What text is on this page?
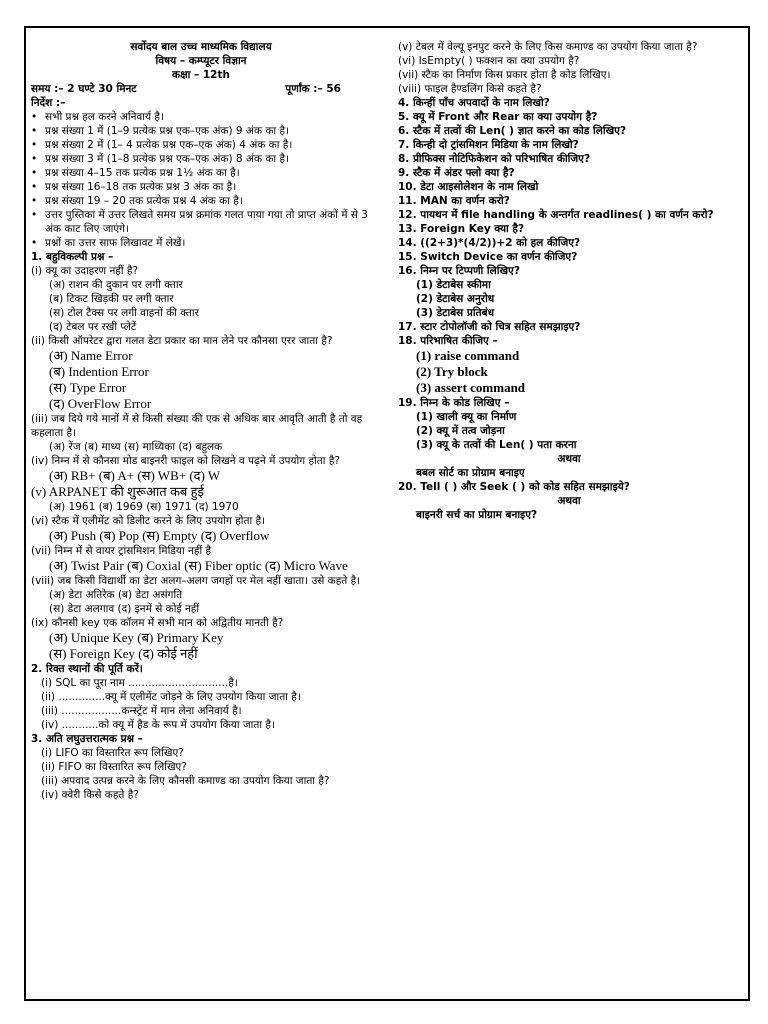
सर्वोदय बाल उच्च माध्यमिक विद्यालय
विषय – कम्प्यूटर विज्ञान
कक्षा – 12th
समय :– 2 घण्टे 30 मिनट	पूर्णांक :– 56
निर्देश :–
• सभी प्रश्न हल करने अनिवार्य है।
• प्रश्न संख्या 1 में (1–9 प्रत्येक प्रश्न एक–एक अंक) 9 अंक का है।
• प्रश्न संख्या 2 में (1– 4 प्रत्येक प्रश्न एक–एक अंक) 4 अंक का है।
• प्रश्न संख्या 3 में (1–8 प्रत्येक प्रश्न एक–एक अंक) 8 अंक का है।
• प्रश्न संख्या 4–15 तक प्रत्येक प्रश्न 1½ अंक का है।
• प्रश्न संख्या 16–18 तक प्रत्येक प्रश्न 3 अंक का है।
• प्रश्न संख्या 19 – 20 तक प्रत्येक प्रश्न 4 अंक का है।
• उत्तर पुस्तिका में उत्तर लिखते समय प्रश्न क्रमांक गलत पाया गया तो प्राप्त अंकों में से 3 अंक काट लिए जाएंगे।
• प्रश्नों का उत्तर साफ लिखावट में लेखें।
1. बहुविकल्पी प्रश्न –
(i) क्यू का उदाहरण नहीं है?
(अ) राशन की दुकान पर लगी क्तार
(ब) टिकट खिड़की पर लगी क्तार
(स) टोल टैक्स पर लगी वाहनों की क्तार
(द) टेबल पर रखी प्लेटें
(ii) किसी ऑपरेटर द्वारा गलत डेटा प्रकार का मान लेने पर कौनसा एरर जाता है?
(अ) Name Error
(ब) Indention Error
(स) Type Error
(द) OverFlow Error
(iii) जब दिये गये मानों में से किसी संख्या की एक से अधिक बार आवृति आती है तो वह कहलाता है।
(अ) रेंज (ब) माध्य (स) माध्यिका (द) बहुलक
(iv) निम्न में से कौनसा मोड बाइनरी फाइल को लिखने व पढ़ने में उपयोग होता है?
(अ) RB+ (ब) A+ (स) WB+ (द) W
(v) ARPANET की शुरूआत कब हुई
(अ) 1961 (ब) 1969 (स) 1971 (द) 1970
(vi) स्टैक में एलीमेंट को डिलीट करने के लिए उपयोग होता है।
(अ) Push (ब) Pop (स) Empty (द) Overflow
(vii) निम्न में से वायर ट्रांसमिशन मिडिया नहीं है
(अ) Twist Pair (ब) Coxial (स) Fiber optic (द) Micro Wave
(viii) जब किसी विद्यार्थी का डेटा अलग–अलग जगहों पर मेल नहीं खाता। उसे कहते है।
(अ) डेटा अतिरेक (ब) डेटा असंगति
(स) डेटा अलगाव (द) इनमें से कोई नहीं
(ix) कौनसी key एक कॉलम में सभी मान को अद्वितीय मानती है?
(अ) Unique Key (ब) Primary Key
(स) Foreign Key (द) कोई नहीं
2. रिक्त स्थानों की पूर्ति करें।
(i) SQL का पूरा नाम ..............................है।
(ii) ..............क्यू में एलीमेंट जोड़ने के लिए उपयोग किया जाता है।
(iii) ..................कन्स्ट्रेंट में मान लेना अनिवार्य है।
(iv) ...........को क्यू में हैड के रूप में उपयोग किया जाता है।
3. अति लघुउत्तरात्मक प्रश्न –
(i) LIFO का विस्तारित रूप लिखिए?
(ii) FIFO का विस्तारित रूप लिखिए?
(iii) अपवाद उत्पन्न करने के लिए कौनसी कमाण्ड का उपयोग किया जाता है?
(iv) क्वेरी किसे कहते है?
(v) टेबल में वेल्यू इनपुट करने के लिए किस कमाण्ड का उपयोग किया जाता है?
(vi) IsEmpty( ) फक्शन का क्या उपयोग है?
(vii) स्टैक का निर्माण किस प्रकार होता है कोड लिखिए।
(viii) फाइल हैण्डलिंग किसे कहते है?
4. किन्हीं पाँच अपवादों के नाम लिखो?
5. क्यू में Front और Rear का क्या उपयोग है?
6. स्टैक में तत्वों की Len( ) ज्ञात करने का कोड लिखिए?
7. किन्ही दो ट्रांसमिशन मिडिया के नाम लिखो?
8. प्रीफिक्स नोटिफिकेशन को परिभाषित कीजिए?
9. स्टैक में अंडर फ्लो क्या है?
10. डेटा आइसोलेशन के नाम लिखो
11. MAN का वर्णन करो?
12. पायथन में file handling के अन्तर्गत readlines( ) का वर्णन करो?
13. Foreign Key क्या है?
14. ((2+3)*(4/2))+2 को हल कीजिए?
15. Switch Device का वर्णन कीजिए?
16. निम्न पर टिप्पणी लिखिए?
(1) डेटाबेस स्कीमा
(2) डेटाबेस अनुरोध
(3) डेटाबेस प्रतिबंध
17. स्टार टोपोलॉजी को चित्र सहित समझाइए?
18. परिभाषित कीजिए –
(1) raise command
(2) Try block
(3) assert command
19. निम्न के कोड लिखिए –
(1) खाली क्यू का निर्माण
(2) क्यू में तत्व जोड़ना
(3) क्यू के तत्वों की Len( ) पता करना
अथवा
बबल सोर्ट का प्रोग्राम बनाइए
20. Tell ( ) और Seek ( ) को कोड सहित समझाइये?
अथवा
बाइनरी सर्च का प्रोग्राम बनाइए?
